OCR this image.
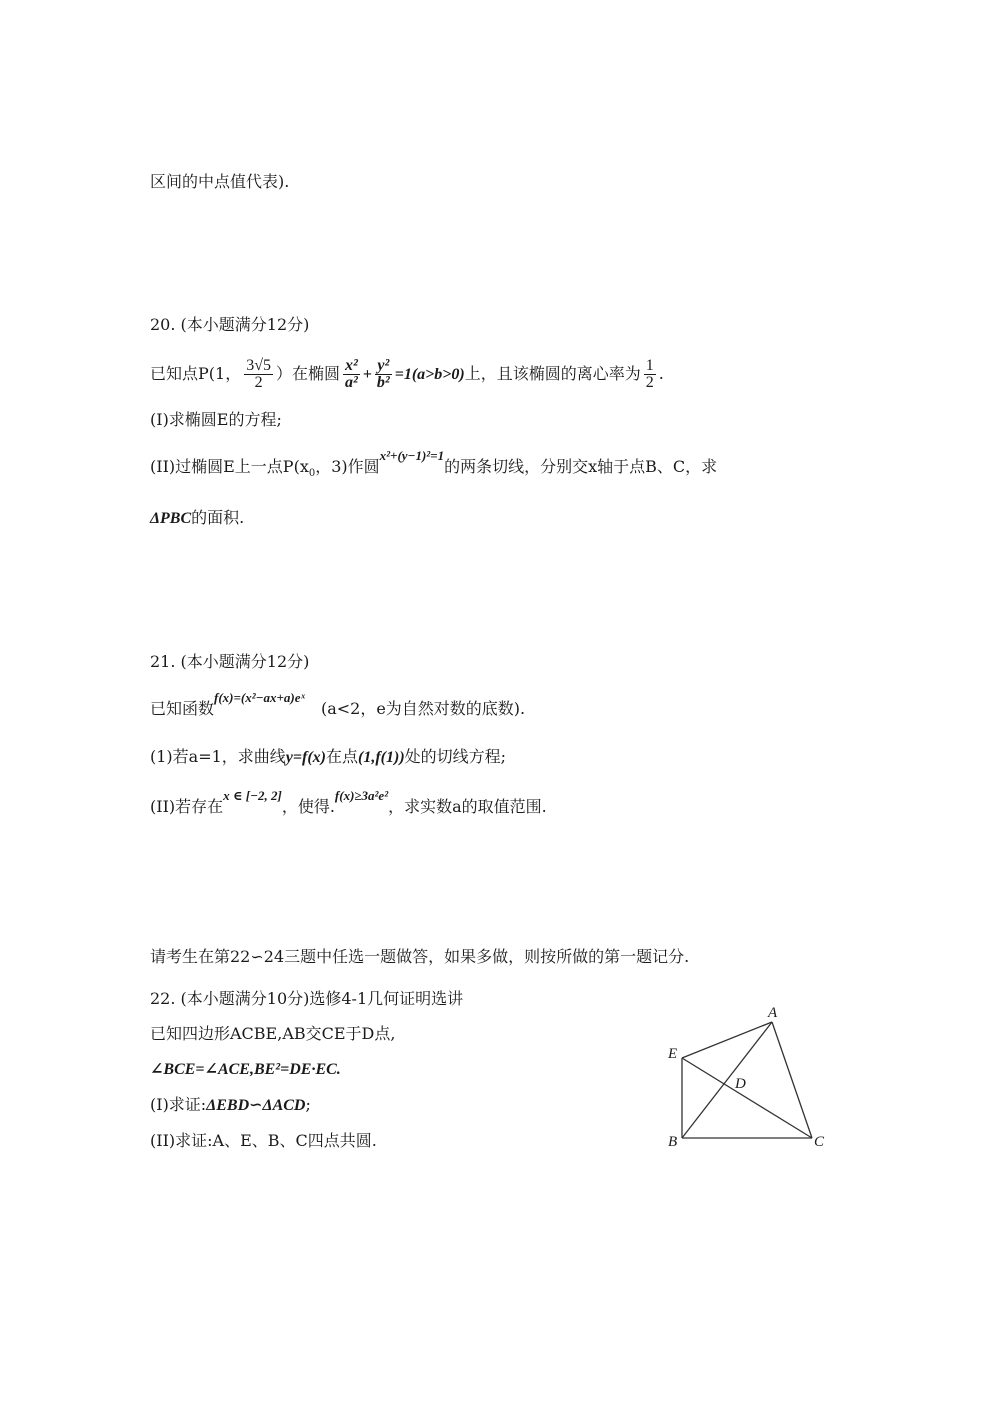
区间的中点值代表).
20. (本小题满分12分)
已知点P(1， $\frac{3√5}{2}$ ）在椭圆 $\frac{\text{x²}}{\text{a²}} + \frac{\text{y²}}{\text{b²}} =1(a>b>0)$上，且该椭圆的离心率为 $\frac{1}{2}$ .
(Ⅰ)求椭圆E的方程;
(II)过椭圆E上一点$P(x_0$，3)作圆$^{x^2+(y-1)^2=1}$的两条切线，分别交x轴于点B、C，求
ΔPBC的面积.
21. (本小题满分12分)
已知函数$^{f(x)=(x^2-ax+a)eˣ}$(a<2，e为自然对数的底数).
(1)若a=1，求曲线y=f(x)在点(1,f(1))处的切线方程;
(ⅠⅠ)若存在$^{x \in [-2, 2]}$，使得.$^{f(x)\ge 3a^2e^2}$，求实数a的取值范围.
请考生在第22∽24三题中任选一题做答，如果多做，则按所做的第一题记分.
22. (本小题满分10分)选修4-1几何证明选讲
已知四边形ACBE,AB交CE于D点,
∠BCE=∠ACE,BE²=DE·EC.
(Ⅰ)求证:ΔEBD∽ΔACD;
(II)求证:A、E、B、C四点共圆.
A
E
D
B	C
